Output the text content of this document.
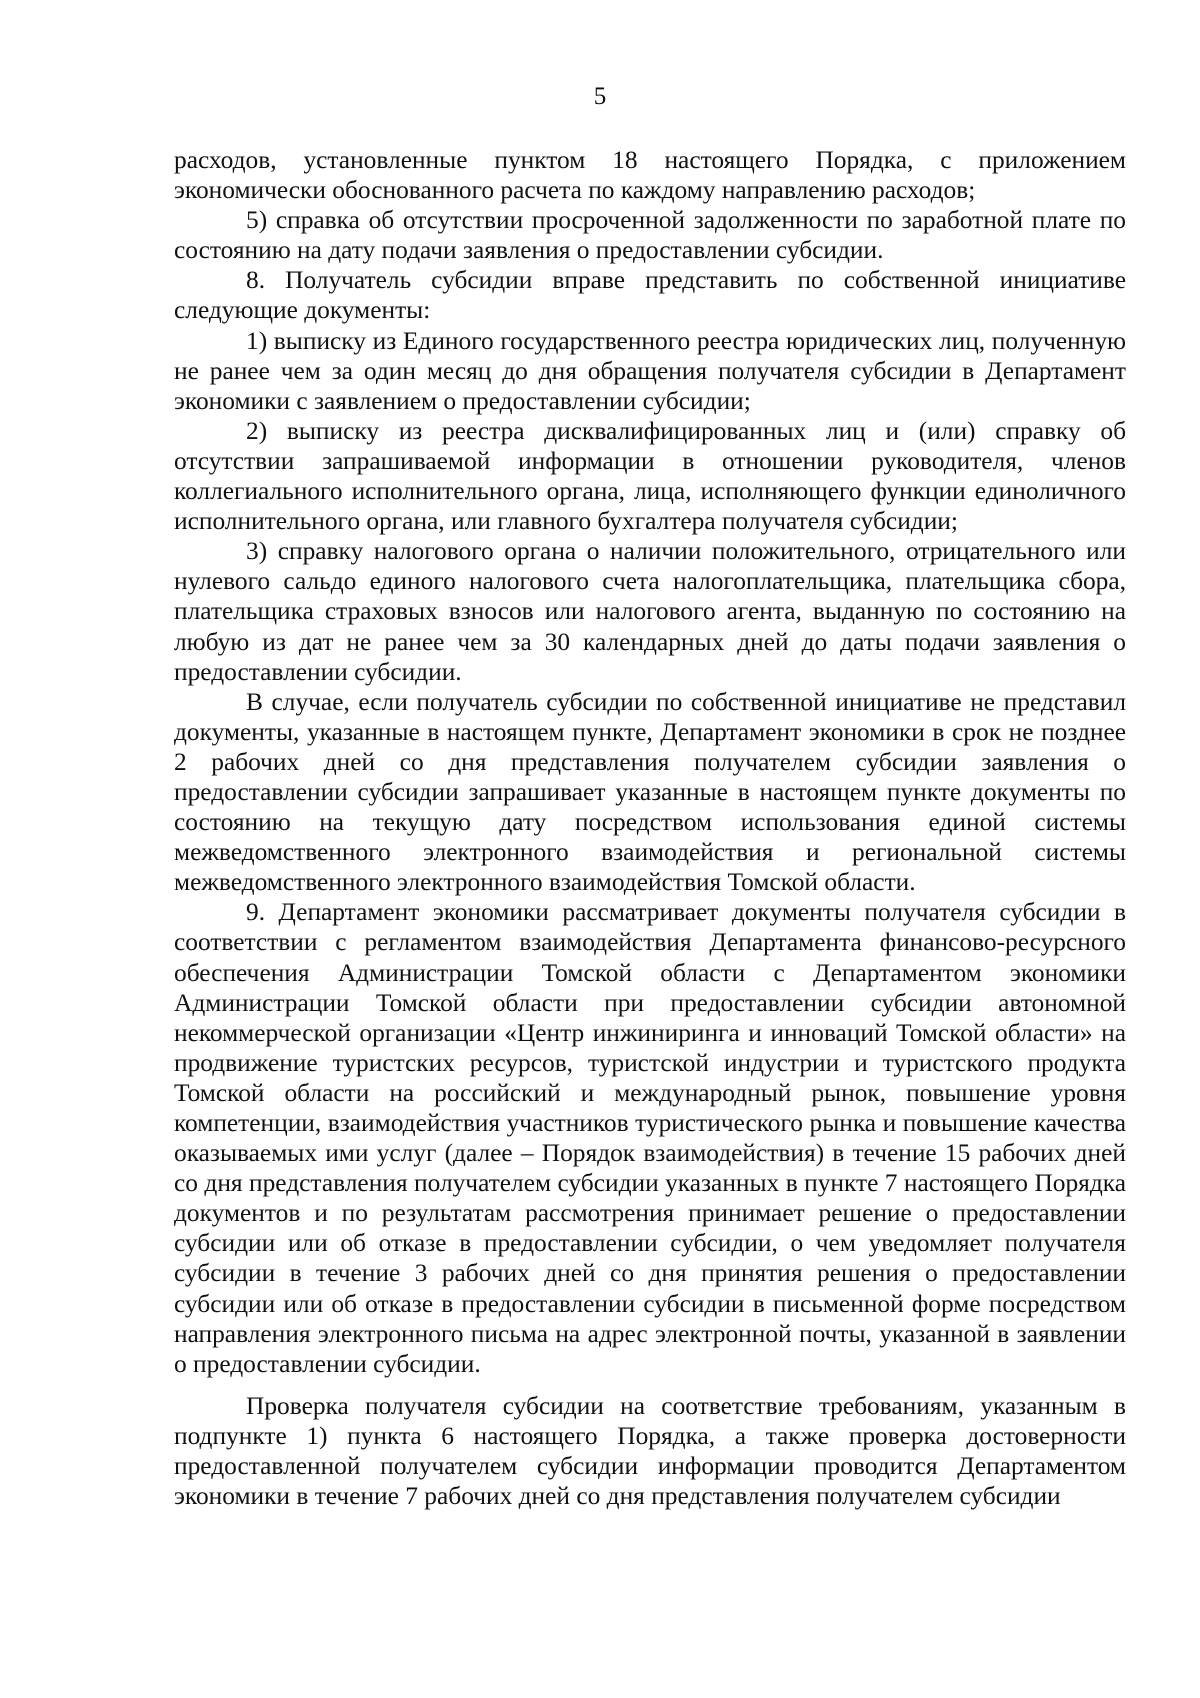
5

расходов, установленные пунктом 18 настоящего Порядка, с приложением экономически обоснованного расчета по каждому направлению расходов;

5) справка об отсутствии просроченной задолженности по заработной плате по состоянию на дату подачи заявления о предоставлении субсидии.

8. Получатель субсидии вправе представить по собственной инициативе следующие документы:

1) выписку из Единого государственного реестра юридических лиц, полученную не ранее чем за один месяц до дня обращения получателя субсидии в Департамент экономики с заявлением о предоставлении субсидии;

2) выписку из реестра дисквалифицированных лиц и (или) справку об отсутствии запрашиваемой информации в отношении руководителя, членов коллегиального исполнительного органа, лица, исполняющего функции единоличного исполнительного органа, или главного бухгалтера получателя субсидии;

3) справку налогового органа о наличии положительного, отрицательного или нулевого сальдо единого налогового счета налогоплательщика, плательщика сбора, плательщика страховых взносов или налогового агента, выданную по состоянию на любую из дат не ранее чем за 30 календарных дней до даты подачи заявления о предоставлении субсидии.

В случае, если получатель субсидии по собственной инициативе не представил документы, указанные в настоящем пункте, Департамент экономики в срок не позднее 2 рабочих дней со дня представления получателем субсидии заявления о предоставлении субсидии запрашивает указанные в настоящем пункте документы по состоянию на текущую дату посредством использования единой системы межведомственного электронного взаимодействия и региональной системы межведомственного электронного взаимодействия Томской области.

9. Департамент экономики рассматривает документы получателя субсидии в соответствии с регламентом взаимодействия Департамента финансово-ресурсного обеспечения Администрации Томской области с Департаментом экономики Администрации Томской области при предоставлении субсидии автономной некоммерческой организации «Центр инжиниринга и инноваций Томской области» на продвижение туристских ресурсов, туристской индустрии и туристского продукта Томской области на российский и международный рынок, повышение уровня компетенции, взаимодействия участников туристического рынка и повышение качества оказываемых ими услуг (далее – Порядок взаимодействия) в течение 15 рабочих дней со дня представления получателем субсидии указанных в пункте 7 настоящего Порядка документов и по результатам рассмотрения принимает решение о предоставлении субсидии или об отказе в предоставлении субсидии, о чем уведомляет получателя субсидии в течение 3 рабочих дней со дня принятия решения о предоставлении субсидии или об отказе в предоставлении субсидии в письменной форме посредством направления электронного письма на адрес электронной почты, указанной в заявлении о предоставлении субсидии.

Проверка получателя субсидии на соответствие требованиям, указанным в подпункте 1) пункта 6 настоящего Порядка, а также проверка достоверности предоставленной получателем субсидии информации проводится Департаментом экономики в течение 7 рабочих дней со дня представления получателем субсидии
